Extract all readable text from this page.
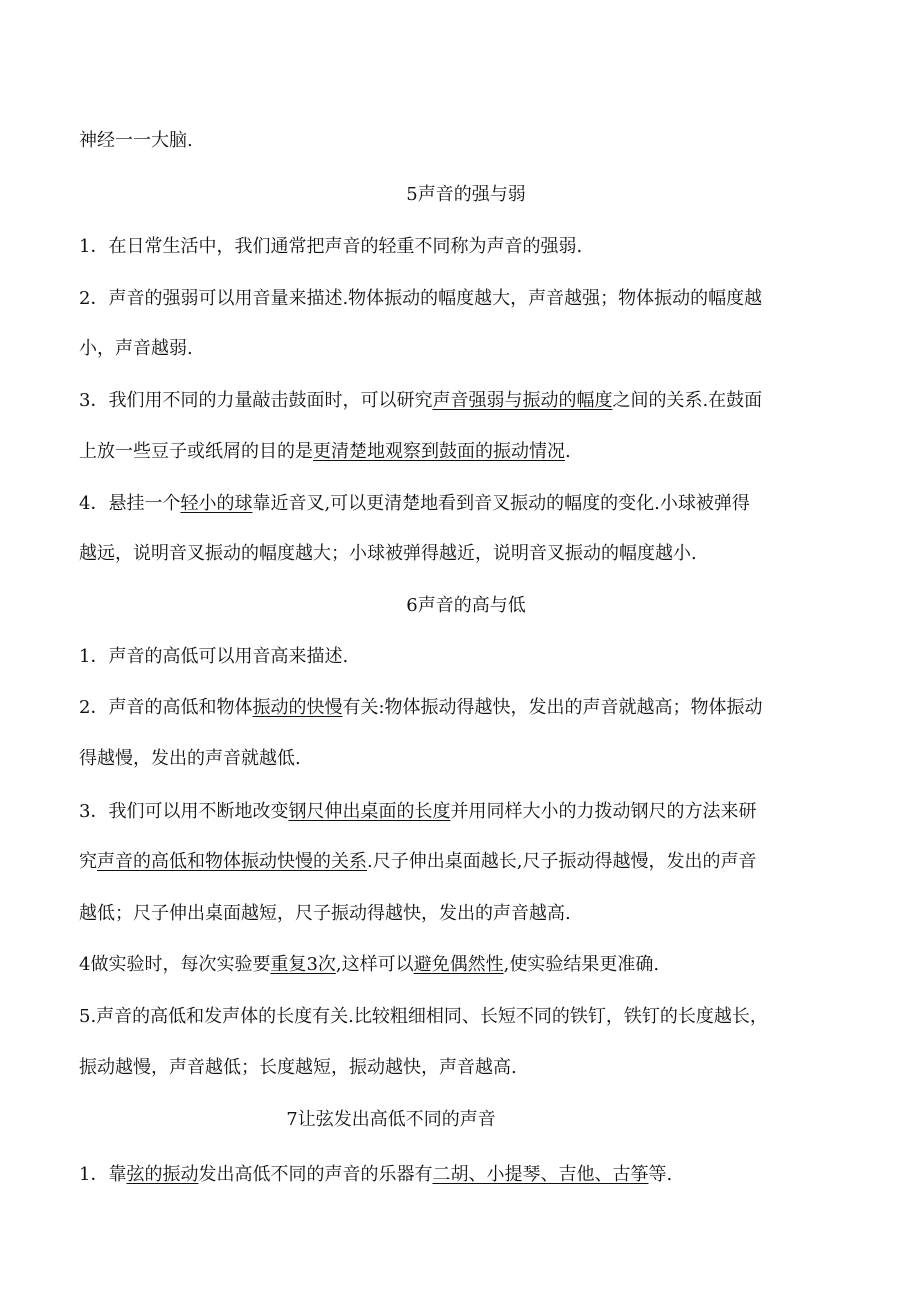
神经一一大脑.
5声音的强与弱
1．在日常生活中，我们通常把声音的轻重不同称为声音的强弱.
2．声音的强弱可以用音量来描述.物体振动的幅度越大，声音越强；物体振动的幅度越
小，声音越弱.
3．我们用不同的力量敲击鼓面时，可以研究声音强弱与振动的幅度之间的关系.在鼓面
上放一些豆子或纸屑的目的是更清楚地观察到鼓面的振动情况.
4．悬挂一个轻小的球靠近音叉,可以更清楚地看到音叉振动的幅度的变化.小球被弹得
越远，说明音叉振动的幅度越大；小球被弹得越近，说明音叉振动的幅度越小.
6声音的高与低
1．声音的高低可以用音高来描述.
2．声音的高低和物体振动的快慢有关:物体振动得越快，发出的声音就越高；物体振动
得越慢，发出的声音就越低.
3．我们可以用不断地改变钢尺伸出桌面的长度并用同样大小的力拨动钢尺的方法来研
究声音的高低和物体振动快慢的关系.尺子伸出桌面越长,尺子振动得越慢，发出的声音
越低；尺子伸出桌面越短，尺子振动得越快，发出的声音越高.
4做实验时，每次实验要重复3次,这样可以避免偶然性,使实验结果更准确.
5.声音的高低和发声体的长度有关.比较粗细相同、长短不同的铁钉，铁钉的长度越长，
振动越慢，声音越低；长度越短，振动越快，声音越高.
7让弦发出高低不同的声音
1．靠弦的振动发出高低不同的声音的乐器有二胡、小提琴、吉他、古筝等.
